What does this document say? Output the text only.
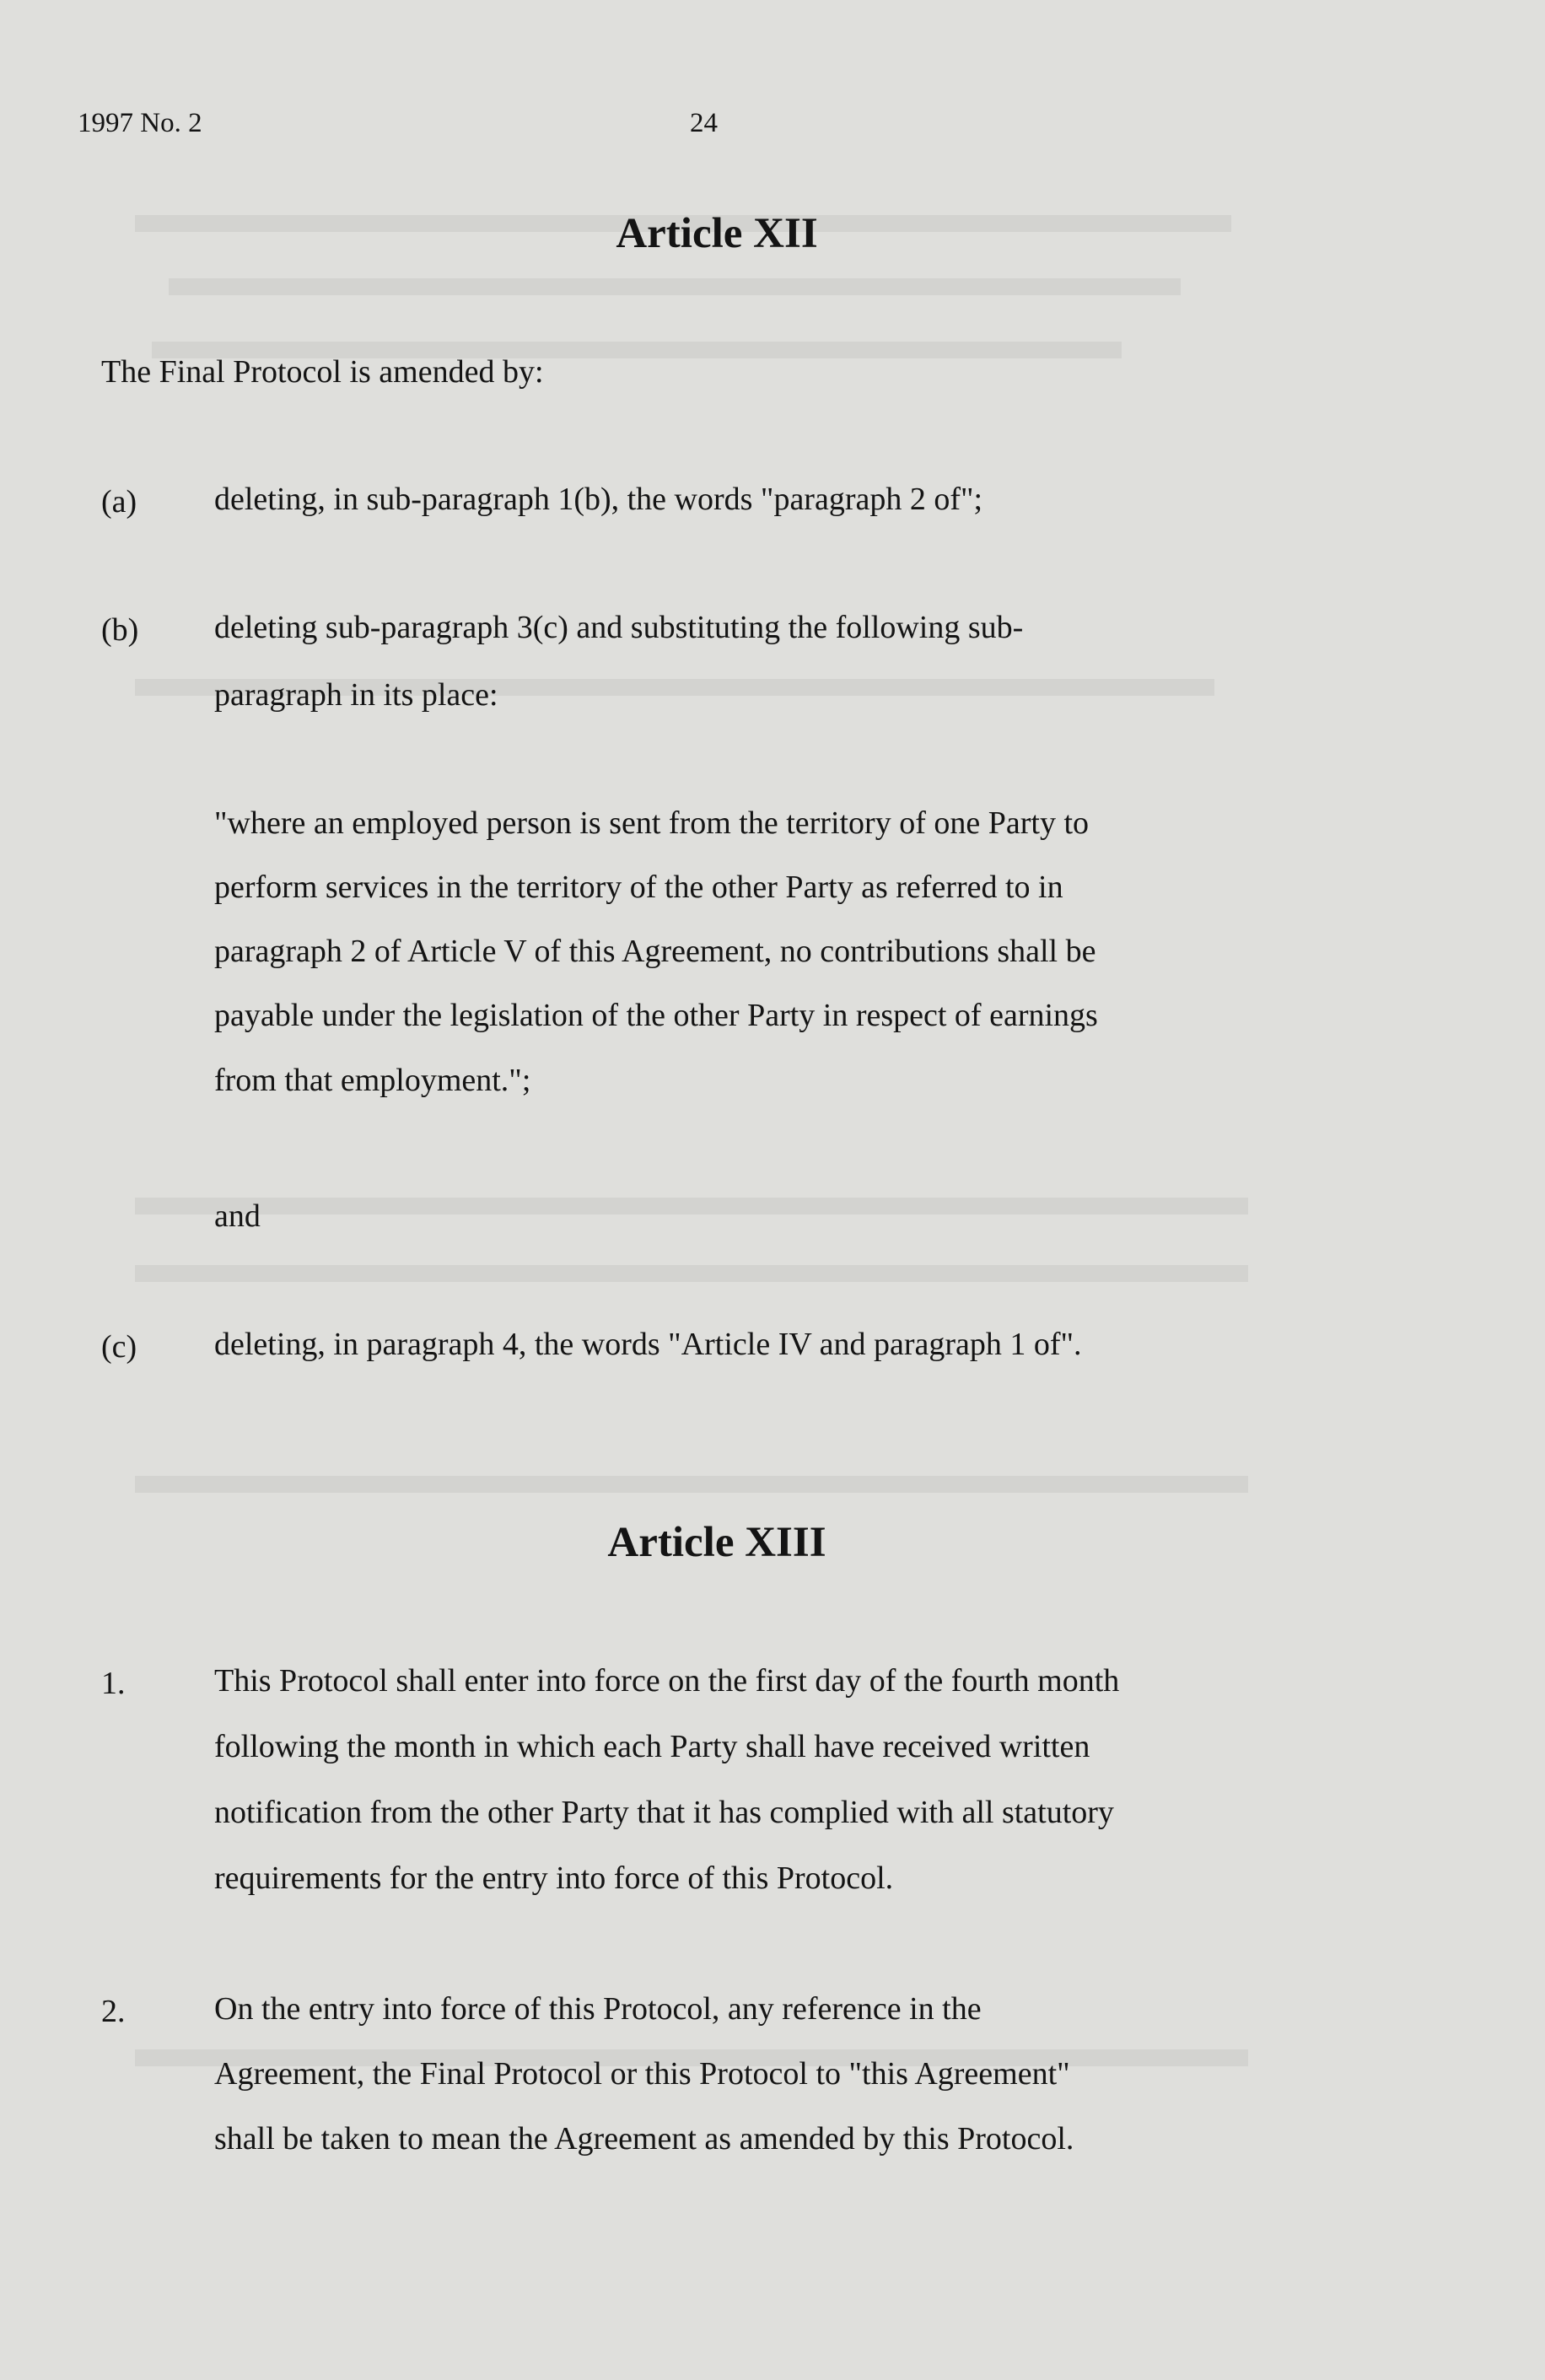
1997 No. 2	24
Article XII
The Final Protocol is amended by:
(a) deleting, in sub-paragraph 1(b), the words "paragraph 2 of";
(b) deleting sub-paragraph 3(c) and substituting the following sub-
paragraph in its place:
"where an employed person is sent from the territory of one Party to
perform services in the territory of the other Party as referred to in
paragraph 2 of Article V of this Agreement, no contributions shall be
payable under the legislation of the other Party in respect of earnings
from that employment.";
and
(c) deleting, in paragraph 4, the words "Article IV and paragraph 1 of".
Article XIII
1.	This Protocol shall enter into force on the first day of the fourth month
following the month in which each Party shall have received written
notification from the other Party that it has complied with all statutory
requirements for the entry into force of this Protocol.
2.	On the entry into force of this Protocol, any reference in the
Agreement, the Final Protocol or this Protocol to "this Agreement"
shall be taken to mean the Agreement as amended by this Protocol.
